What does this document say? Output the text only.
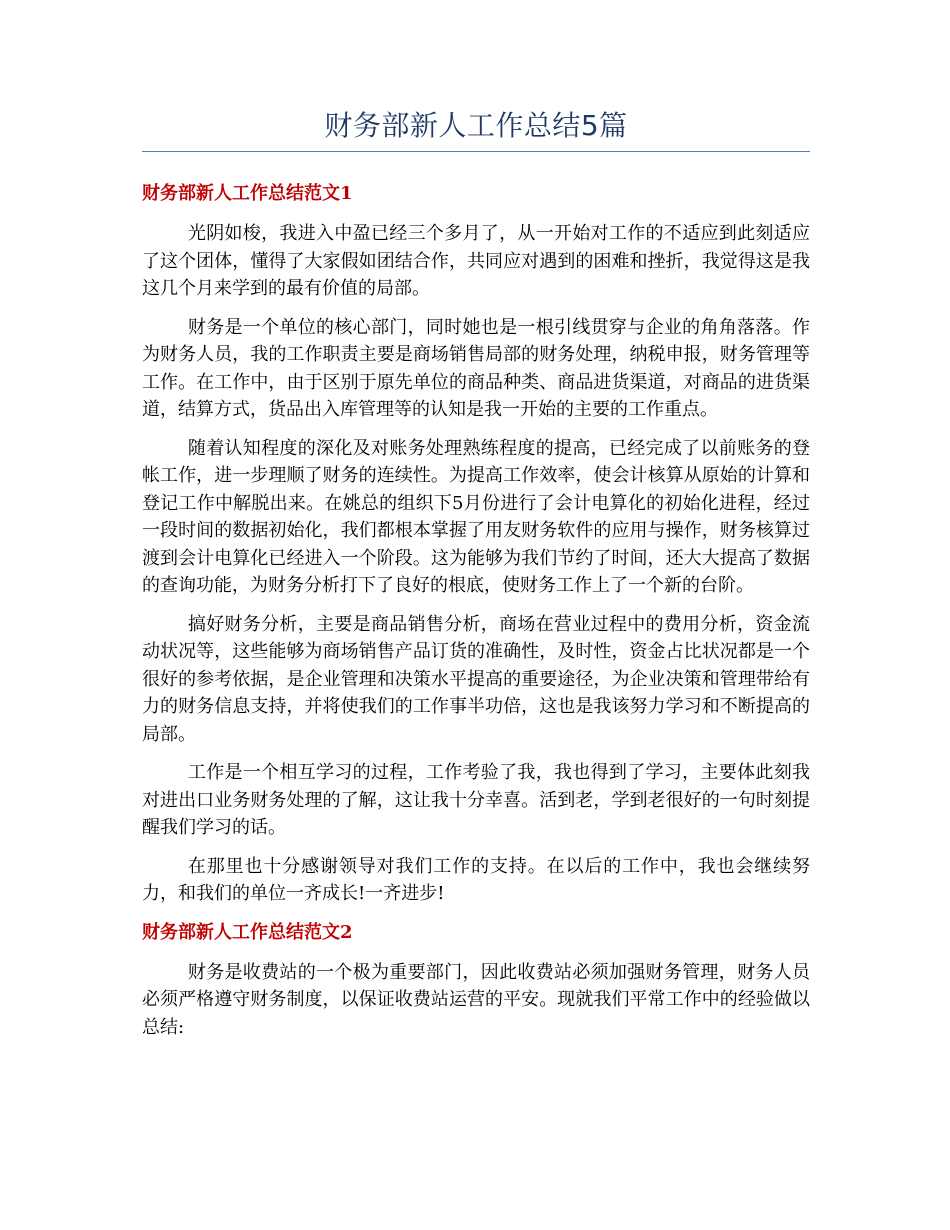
财务部新人工作总结5篇
财务部新人工作总结范文1

光阴如梭，我进入中盈已经三个多月了，从一开始对工作的不适应到此刻适应了这个团体，懂得了大家假如团结合作，共同应对遇到的困难和挫折，我觉得这是我这几个月来学到的最有价值的局部。

财务是一个单位的核心部门，同时她也是一根引线贯穿与企业的角角落落。作为财务人员，我的工作职责主要是商场销售局部的财务处理，纳税申报，财务管理等工作。在工作中，由于区别于原先单位的商品种类、商品进货渠道，对商品的进货渠道，结算方式，货品出入库管理等的认知是我一开始的主要的工作重点。

随着认知程度的深化及对账务处理熟练程度的提高，已经完成了以前账务的登帐工作，进一步理顺了财务的连续性。为提高工作效率，使会计核算从原始的计算和登记工作中解脱出来。在姚总的组织下5月份进行了会计电算化的初始化进程，经过一段时间的数据初始化，我们都根本掌握了用友财务软件的应用与操作，财务核算过渡到会计电算化已经进入一个阶段。这为能够为我们节约了时间，还大大提高了数据的查询功能，为财务分析打下了良好的根底，使财务工作上了一个新的台阶。

搞好财务分析，主要是商品销售分析，商场在营业过程中的费用分析，资金流动状况等，这些能够为商场销售产品订货的准确性，及时性，资金占比状况都是一个很好的参考依据，是企业管理和决策水平提高的重要途径，为企业决策和管理带给有力的财务信息支持，并将使我们的工作事半功倍，这也是我该努力学习和不断提高的局部。

工作是一个相互学习的过程，工作考验了我，我也得到了学习，主要体此刻我对进出口业务财务处理的了解，这让我十分幸喜。活到老，学到老很好的一句时刻提醒我们学习的话。

在那里也十分感谢领导对我们工作的支持。在以后的工作中，我也会继续努力，和我们的单位一齐成长!一齐进步!

财务部新人工作总结范文2

财务是收费站的一个极为重要部门，因此收费站必须加强财务管理，财务人员必须严格遵守财务制度，以保证收费站运营的平安。现就我们平常工作中的经验做以总结:
